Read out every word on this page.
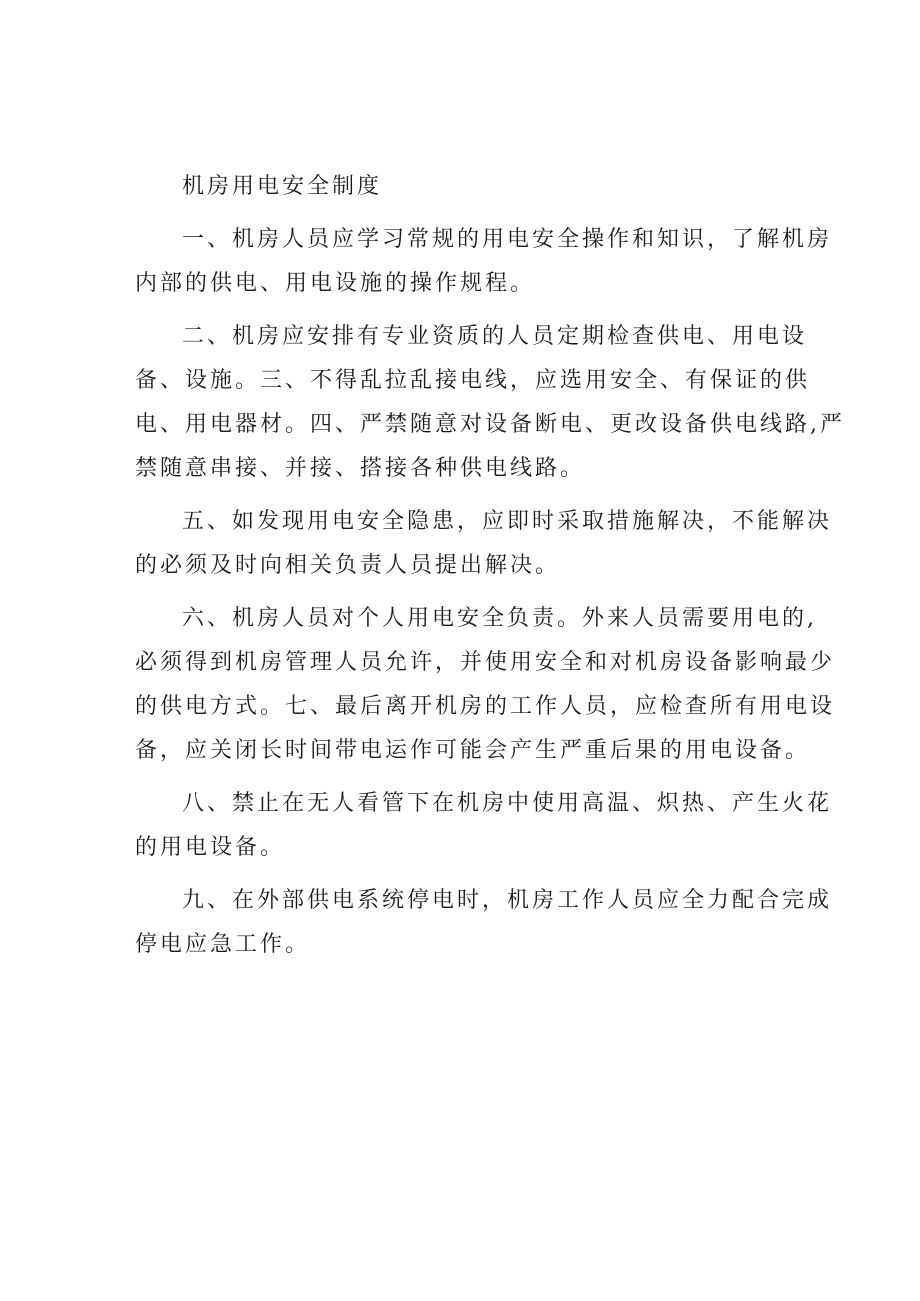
机房用电安全制度

一、机房人员应学习常规的用电安全操作和知识，了解机房

内部的供电、用电设施的操作规程。

二、机房应安排有专业资质的人员定期检查供电、用电设

备、设施。三、不得乱拉乱接电线，应选用安全、有保证的供

电、用电器材。四、严禁随意对设备断电、更改设备供电线路,严

禁随意串接、并接、搭接各种供电线路。

五、如发现用电安全隐患，应即时采取措施解决，不能解决

的必须及时向相关负责人员提出解决。

六、机房人员对个人用电安全负责。外来人员需要用电的,

必须得到机房管理人员允许，并使用安全和对机房设备影响最少

的供电方式。七、最后离开机房的工作人员，应检查所有用电设

备，应关闭长时间带电运作可能会产生严重后果的用电设备。

八、禁止在无人看管下在机房中使用高温、炽热、产生火花

的用电设备。

九、在外部供电系统停电时，机房工作人员应全力配合完成

停电应急工作。
